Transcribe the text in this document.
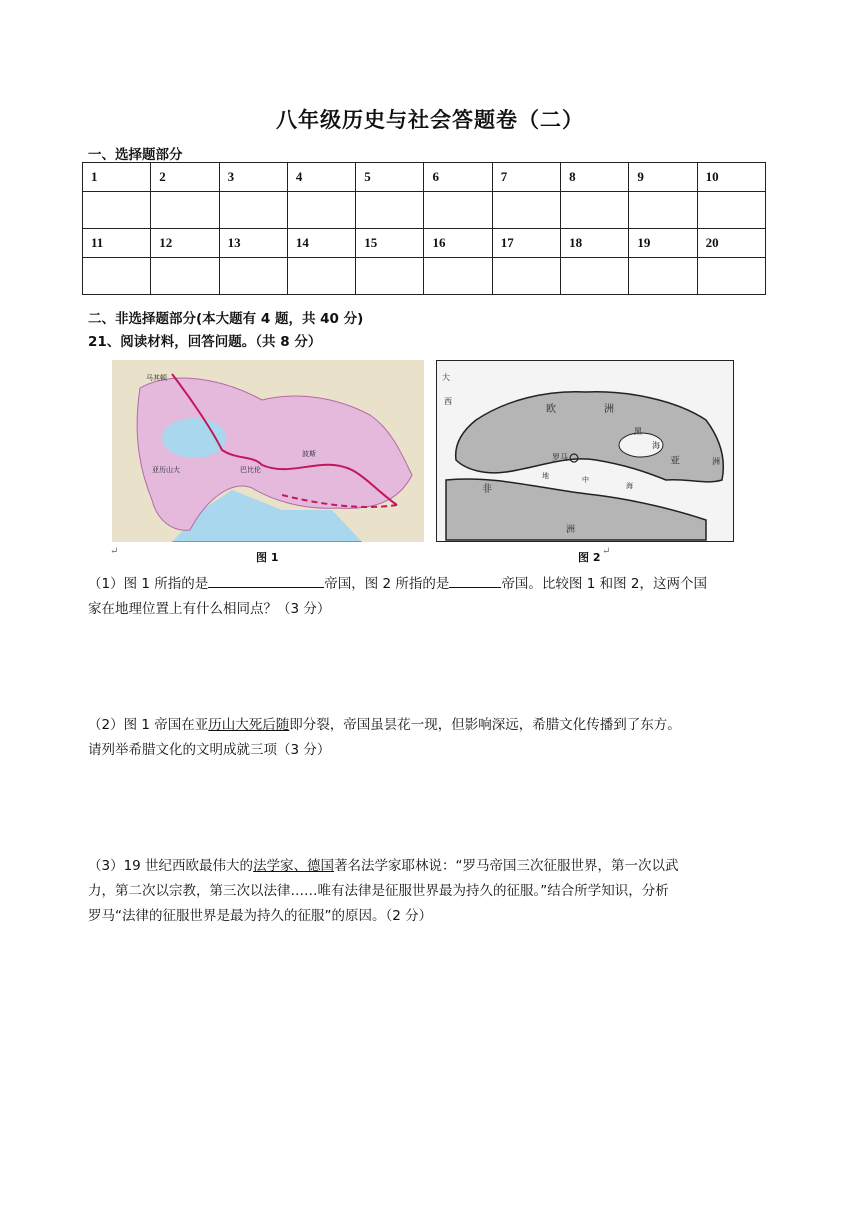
八年级历史与社会答题卷（二）
一、选择题部分
1	2	3	4	5	6	7	8	9	10

11	12	13	14	15	16	17	18	19	20

二、非选择题部分(本大题有 4 题，共 40 分)
21、阅读材料，回答问题。（共 8 分）
马其顿
巴比伦
亚历山大
波斯
↵	图 1
大
西
欧	洲
罗马
黑
海
亚	洲
非
地	中
海
洲
图 2 ↵
（1）图 1 所指的是	帝国，图 2 所指的是	帝国。比较图 1 和图 2，这两个国
家在地理位置上有什么相同点？（3 分）
（2）图 1 帝国在亚历山大死后随即分裂，帝国虽昙花一现，但影响深远，希腊文化传播到了东方。
请列举希腊文化的文明成就三项（3 分）
（3）19 世纪西欧最伟大的法学家、德国著名法学家耶林说：“罗马帝国三次征服世界，第一次以武
力，第二次以宗教，第三次以法律……唯有法律是征服世界最为持久的征服。”结合所学知识，分析
罗马“法律的征服世界是最为持久的征服”的原因。（2 分）
